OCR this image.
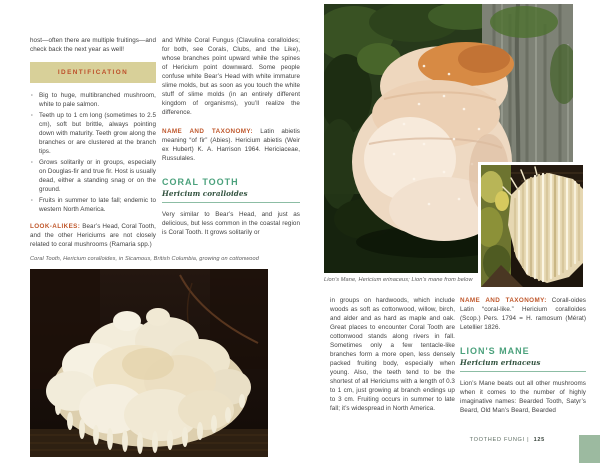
host—often there are multiple fruitings—and check back the next year as well!

IDENTIFICATION
· Big to huge, multibranched mushroom, white to pale salmon.
· Teeth up to 1 cm long (sometimes to 2.5 cm), soft but brittle, always pointing down with maturity. Teeth grow along the branches or are clustered at the branch tips.
· Grows solitarily or in groups, especially on Douglas-fir and true fir. Host is usually dead, either a standing snag or on the ground.
· Fruits in summer to late fall; endemic to western North America.

LOOK-ALIKES: Bear’s Head, Coral Tooth, and the other Hericiums are not closely related to coral mushrooms (Ramaria spp.)

and White Coral Fungus (Clavulina coralloides; for both, see Corals, Clubs, and the Like), whose branches point upward while the spines of Hericium point downward. Some people confuse white Bear’s Head with white immature slime molds, but as soon as you touch the white stuff of slime molds (in an entirely different kingdom of organisms), you’ll realize the difference.

NAME AND TAXONOMY: Latin abietis meaning “of fir” (Abies). Hericium abietis (Weir ex Hubert) K. A. Harrison 1964. Hericiaceae, Russulales.

CORAL TOOTH
Hericium coralloides

Very similar to Bear’s Head, and just as delicious, but less common in the coastal region is Coral Tooth. It grows solitarily or

Coral Tooth, Hericium coralloides, in Sicamous, British Columbia, growing on cottonwood
Lion’s Mane, Hericium erinaceus; Lion’s mane from below

in groups on hardwoods, which include woods as soft as cottonwood, willow, birch, and alder and as hard as maple and oak. Great places to encounter Coral Tooth are cottonwood stands along rivers in fall. Sometimes only a few tentacle-like branches form a more open, less densely packed fruiting body, especially when young. Also, the teeth tend to be the shortest of all Hericiums with a length of 0.3 to 1 cm, just growing at branch endings up to 3 cm. Fruiting occurs in summer to late fall; it’s widespread in North America.

NAME AND TAXONOMY: Corall-oides Latin “coral-like.” Hericium coralloides (Scop.) Pers. 1794 = H. ramosum (Mérat) Letellier 1826.

LION'S MANE
Hericium erinaceus

Lion’s Mane beats out all other mushrooms when it comes to the number of highly imaginative names: Bearded Tooth, Satyr’s Beard, Old Man’s Beard, Bearded

TOOTHED FUNGI | 125
